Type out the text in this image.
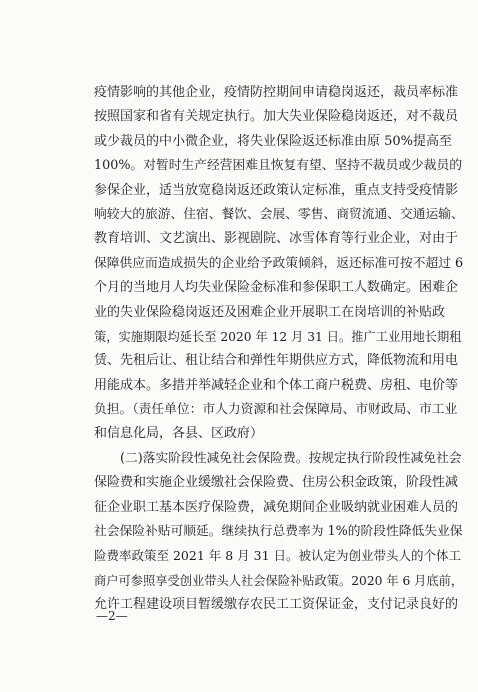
疫情影响的其他企业，疫情防控期间申请稳岗返还，裁员率标准
按照国家和省有关规定执行。加大失业保险稳岗返还，对不裁员
或少裁员的中小微企业，将失业保险返还标准由原 50%提高至
100%。对暂时生产经营困难且恢复有望、坚持不裁员或少裁员的
参保企业，适当放宽稳岗返还政策认定标准，重点支持受疫情影
响较大的旅游、住宿、餐饮、会展、零售、商贸流通、交通运输、
教育培训、文艺演出、影视剧院、冰雪体育等行业企业，对由于
保障供应而造成损失的企业给予政策倾斜，返还标准可按不超过 6
个月的当地月人均失业保险金标准和参保职工人数确定。困难企
业的失业保险稳岗返还及困难企业开展职工在岗培训的补贴政
策，实施期限均延长至 2020 年 12 月 31 日。推广工业用地长期租
赁、先租后让、租让结合和弹性年期供应方式，降低物流和用电
用能成本。多措并举减轻企业和个体工商户税费、房租、电价等
负担。（责任单位：市人力资源和社会保障局、市财政局、市工业
和信息化局，各县、区政府）
(二)落实阶段性减免社会保险费。按规定执行阶段性减免社会
保险费和实施企业缓缴社会保险费、住房公积金政策，阶段性减
征企业职工基本医疗保险费，减免期间企业吸纳就业困难人员的
社会保险补贴可顺延。继续执行总费率为 1%的阶段性降低失业保
险费率政策至 2021 年 8 月 31 日。被认定为创业带头人的个体工
商户可参照享受创业带头人社会保险补贴政策。2020 年 6 月底前，
允许工程建设项目暂缓缴存农民工工资保证金，支付记录良好的
—2—
